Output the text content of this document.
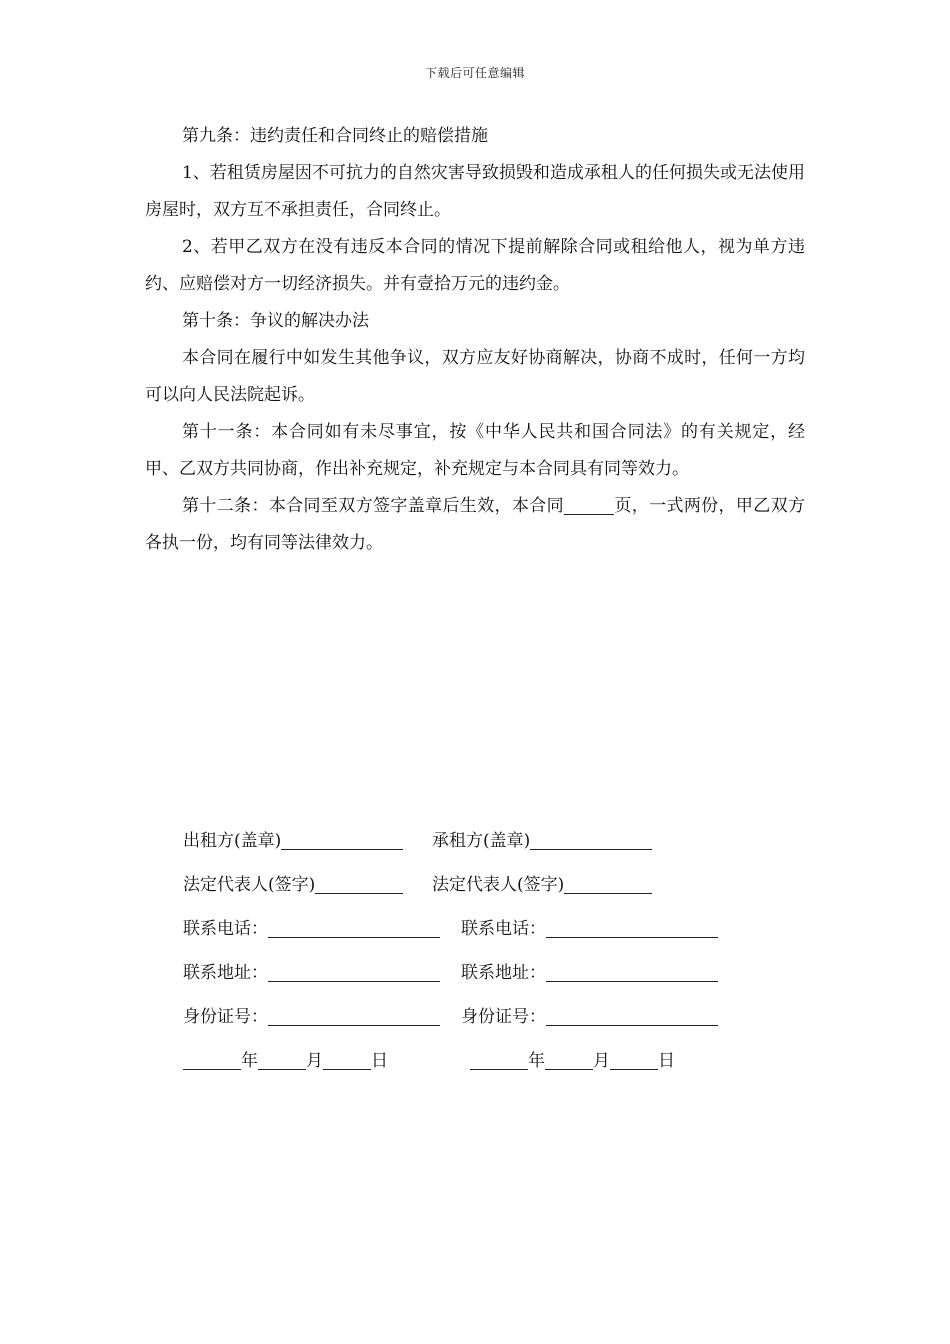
下载后可任意编辑

第九条：违约责任和合同终止的赔偿措施

1、若租赁房屋因不可抗力的自然灾害导致损毁和造成承租人的任何损失或无法使用房屋时，双方互不承担责任，合同终止。

2、若甲乙双方在没有违反本合同的情况下提前解除合同或租给他人，视为单方违约、应赔偿对方一切经济损失。并有壹拾万元的违约金。

第十条：争议的解决办法

本合同在履行中如发生其他争议，双方应友好协商解决，协商不成时，任何一方均可以向人民法院起诉。

第十一条：本合同如有未尽事宜，按《中华人民共和国合同法》的有关规定，经甲、乙双方共同协商，作出补充规定，补充规定与本合同具有同等效力。

第十二条：本合同至双方签字盖章后生效，本合同	页，一式两份，甲乙双方各执一份，均有同等法律效力。

出租方(盖章)	承租方(盖章)
法定代表人(签字)	法定代表人(签字)
联系电话：	联系电话：
联系地址：	联系地址：
身份证号：	身份证号：
年	月	日	年	月	日
